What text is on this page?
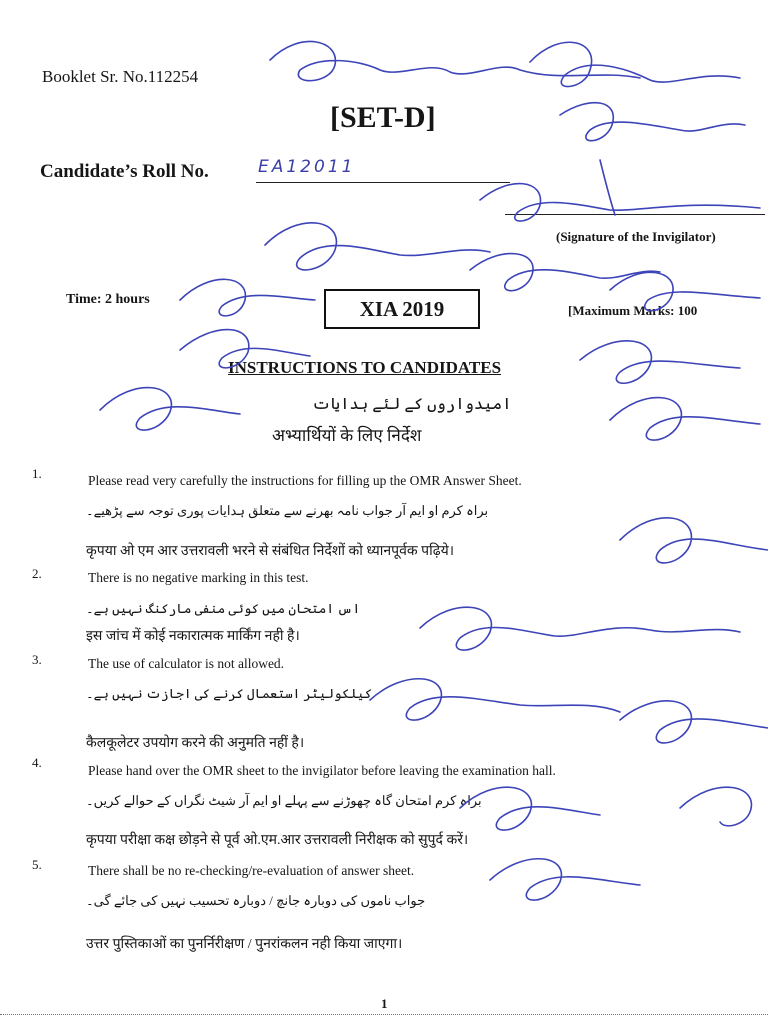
Booklet Sr. No.112254
[SET-D]
Candidate’s Roll No.	EA12011
(Signature of the Invigilator)
Time: 2 hours	XIA 2019	[Maximum Marks: 100
INSTRUCTIONS TO CANDIDATES
امیدواروں کے لئے ہدایات
अभ्यार्थियों के लिए निर्देश
1.	Please read very carefully the instructions for filling up the OMR Answer Sheet.
براہ کرم او ایم آر جواب نامہ بھرنے سے متعلق ہدایات پوری توجہ سے پڑھیے۔
कृपया ओ एम आर उत्तरावली भरने से संबंधित निर्देशों को ध्यानपूर्वक पढ़िये।
2.	There is no negative marking in this test.
اس امتحان میں کوئی منفی مارکنگ نہیں ہے۔
इस जांच में कोई नकारात्मक मार्किंग नही है।
3.	The use of calculator is not allowed.
کیلکولیٹر استعمال کرنے کی اجازت نہیں ہے۔
कैलकूलेटर उपयोग करने की अनुमति नहीं है।
4.
Please hand over the OMR sheet to the invigilator before leaving the examination hall.
براہ کرم امتحان گاہ چھوڑنے سے پہلے او ایم آر شیٹ نگراں کے حوالے کریں۔
कृपया परीक्षा कक्ष छोड़ने से पूर्व ओ.एम.आर उत्तरावली निरीक्षक को सुपुर्द करें।
5.	There shall be no re-checking/re-evaluation of answer sheet.
جواب ناموں کی دوبارہ جانچ / دوبارہ تحسیب نہیں کی جائے گی۔
उत्तर पुस्तिकाओं का पुनर्निरीक्षण / पुनरांकलन नही किया जाएगा।
1
